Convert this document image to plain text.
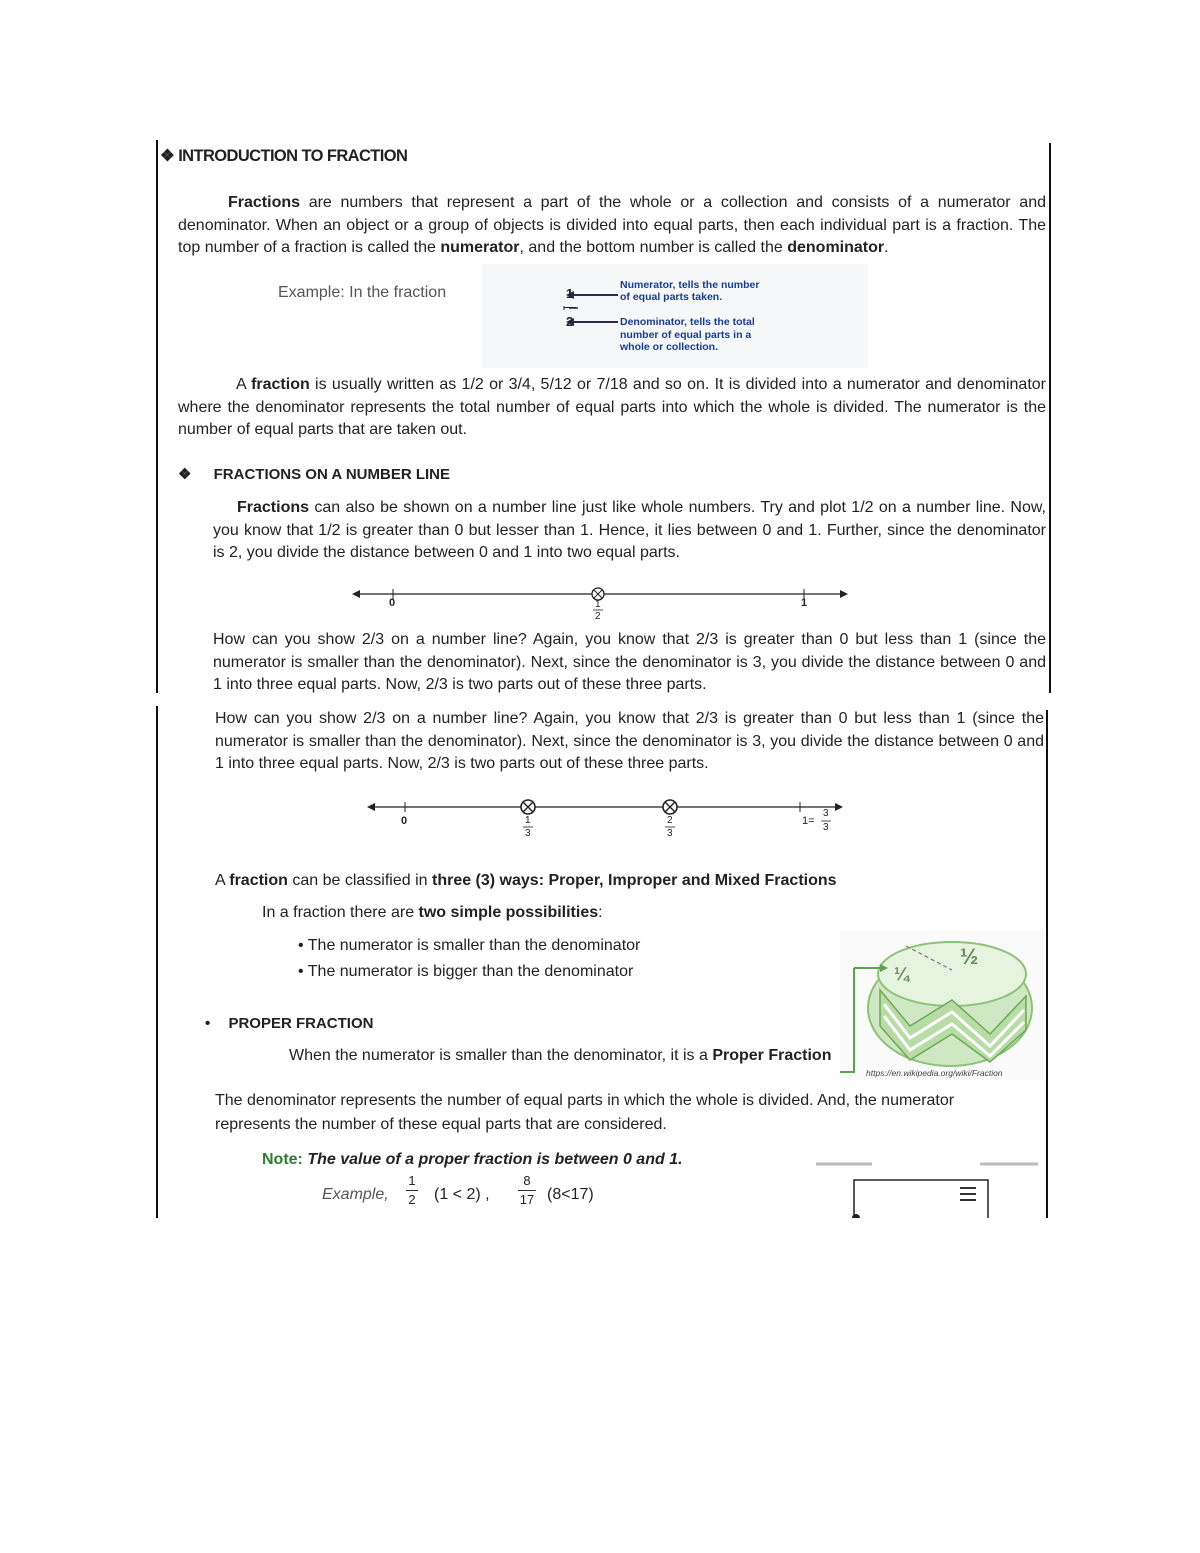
❖ INTRODUCTION TO FRACTION
Fractions are numbers that represent a part of the whole or a collection and consists of a numerator and denominator. When an object or a group of objects is divided into equal parts, then each individual part is a fraction. The top number of a fraction is called the numerator, and the bottom number is called the denominator.
Example: In the fraction	1
2
Numerator, tells the number
of equal parts taken.
Denominator, tells the total
number of equal parts in a
whole or collection.
A fraction is usually written as 1/2 or 3/4, 5/12 or 7/18 and so on. It is divided into a numerator and denominator where the denominator represents the total number of equal parts into which the whole is divided. The numerator is the number of equal parts that are taken out.
❖ FRACTIONS ON A NUMBER LINE
Fractions can also be shown on a number line just like whole numbers. Try and plot 1/2 on a number line. Now, you know that 1/2 is greater than 0 but lesser than 1. Hence, it lies between 0 and 1. Further, since the denominator is 2, you divide the distance between 0 and 1 into two equal parts.
0	1
1
2
How can you show 2/3 on a number line? Again, you know that 2/3 is greater than 0 but less than 1 (since the numerator is smaller than the denominator). Next, since the denominator is 3, you divide the distance between 0 and 1 into three equal parts. Now, 2/3 is two parts out of these three parts.
How can you show 2/3 on a number line? Again, you know that 2/3 is greater than 0 but less than 1 (since the numerator is smaller than the denominator). Next, since the denominator is 3, you divide the distance between 0 and 1 into three equal parts. Now, 2/3 is two parts out of these three parts.
0	1
3
2
3
1=
3
3
A fraction can be classified in three (3) ways: Proper, Improper and Mixed Fractions
In a fraction there are two simple possibilities:
• The numerator is smaller than the denominator
• The numerator is bigger than the denominator
• PROPER FRACTION
When the numerator is smaller than the denominator, it is a Proper Fraction
¼
½
https://en.wikipedia.org/wiki/Fraction
The denominator represents the number of equal parts in which the whole is divided. And, the numerator represents the number of these equal parts that are considered.
Note: The value of a proper fraction is between 0 and 1.
Example,
1
2 (1 < 2) ,
8
17 (8<17)
